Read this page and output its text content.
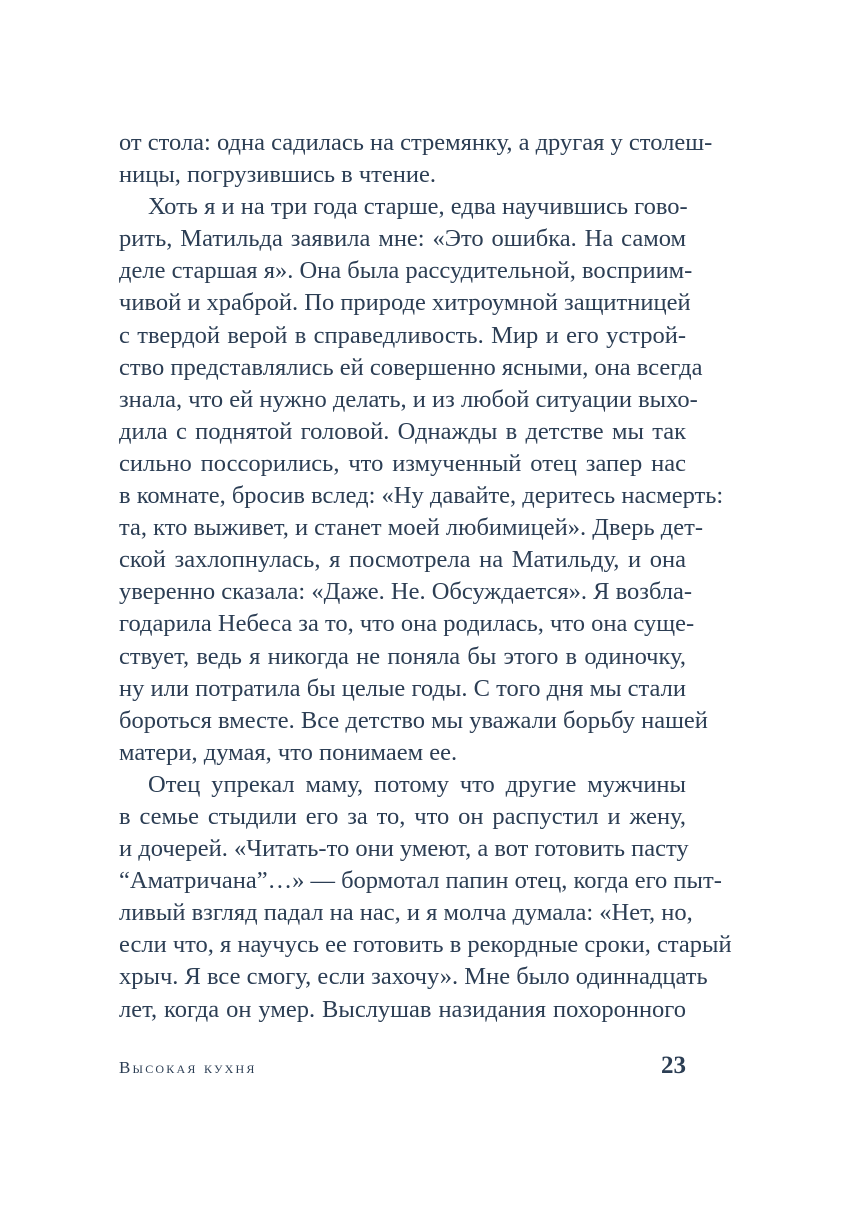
от стола: одна садилась на стремянку, а другая у столеш-
ницы, погрузившись в чтение.
Хоть я и на три года старше, едва научившись гово-
рить, Матильда заявила мне: «Это ошибка. На самом
деле старшая я». Она была рассудительной, восприим-
чивой и храброй. По природе хитроумной защитницей
с твердой верой в справедливость. Мир и его устрой-
ство представлялись ей совершенно ясными, она всегда
знала, что ей нужно делать, и из любой ситуации выхо-
дила с поднятой головой. Однажды в детстве мы так
сильно поссорились, что измученный отец запер нас
в комнате, бросив вслед: «Ну давайте, деритесь насмерть:
та, кто выживет, и станет моей любимицей». Дверь дет-
ской захлопнулась, я посмотрела на Матильду, и она
уверенно сказала: «Даже. Не. Обсуждается». Я возбла-
годарила Небеса за то, что она родилась, что она суще-
ствует, ведь я никогда не поняла бы этого в одиночку,
ну или потратила бы целые годы. С того дня мы стали
бороться вместе. Все детство мы уважали борьбу нашей
матери, думая, что понимаем ее.
Отец упрекал маму, потому что другие мужчины
в семье стыдили его за то, что он распустил и жену,
и дочерей. «Читать-то они умеют, а вот готовить пасту
“Аматричана”…» — бормотал папин отец, когда его пыт-
ливый взгляд падал на нас, и я молча думала: «Нет, но,
если что, я научусь ее готовить в рекордные сроки, старый
хрыч. Я все смогу, если захочу». Мне было одиннадцать
лет, когда он умер. Выслушав назидания похоронного
Высокая кухня	23
